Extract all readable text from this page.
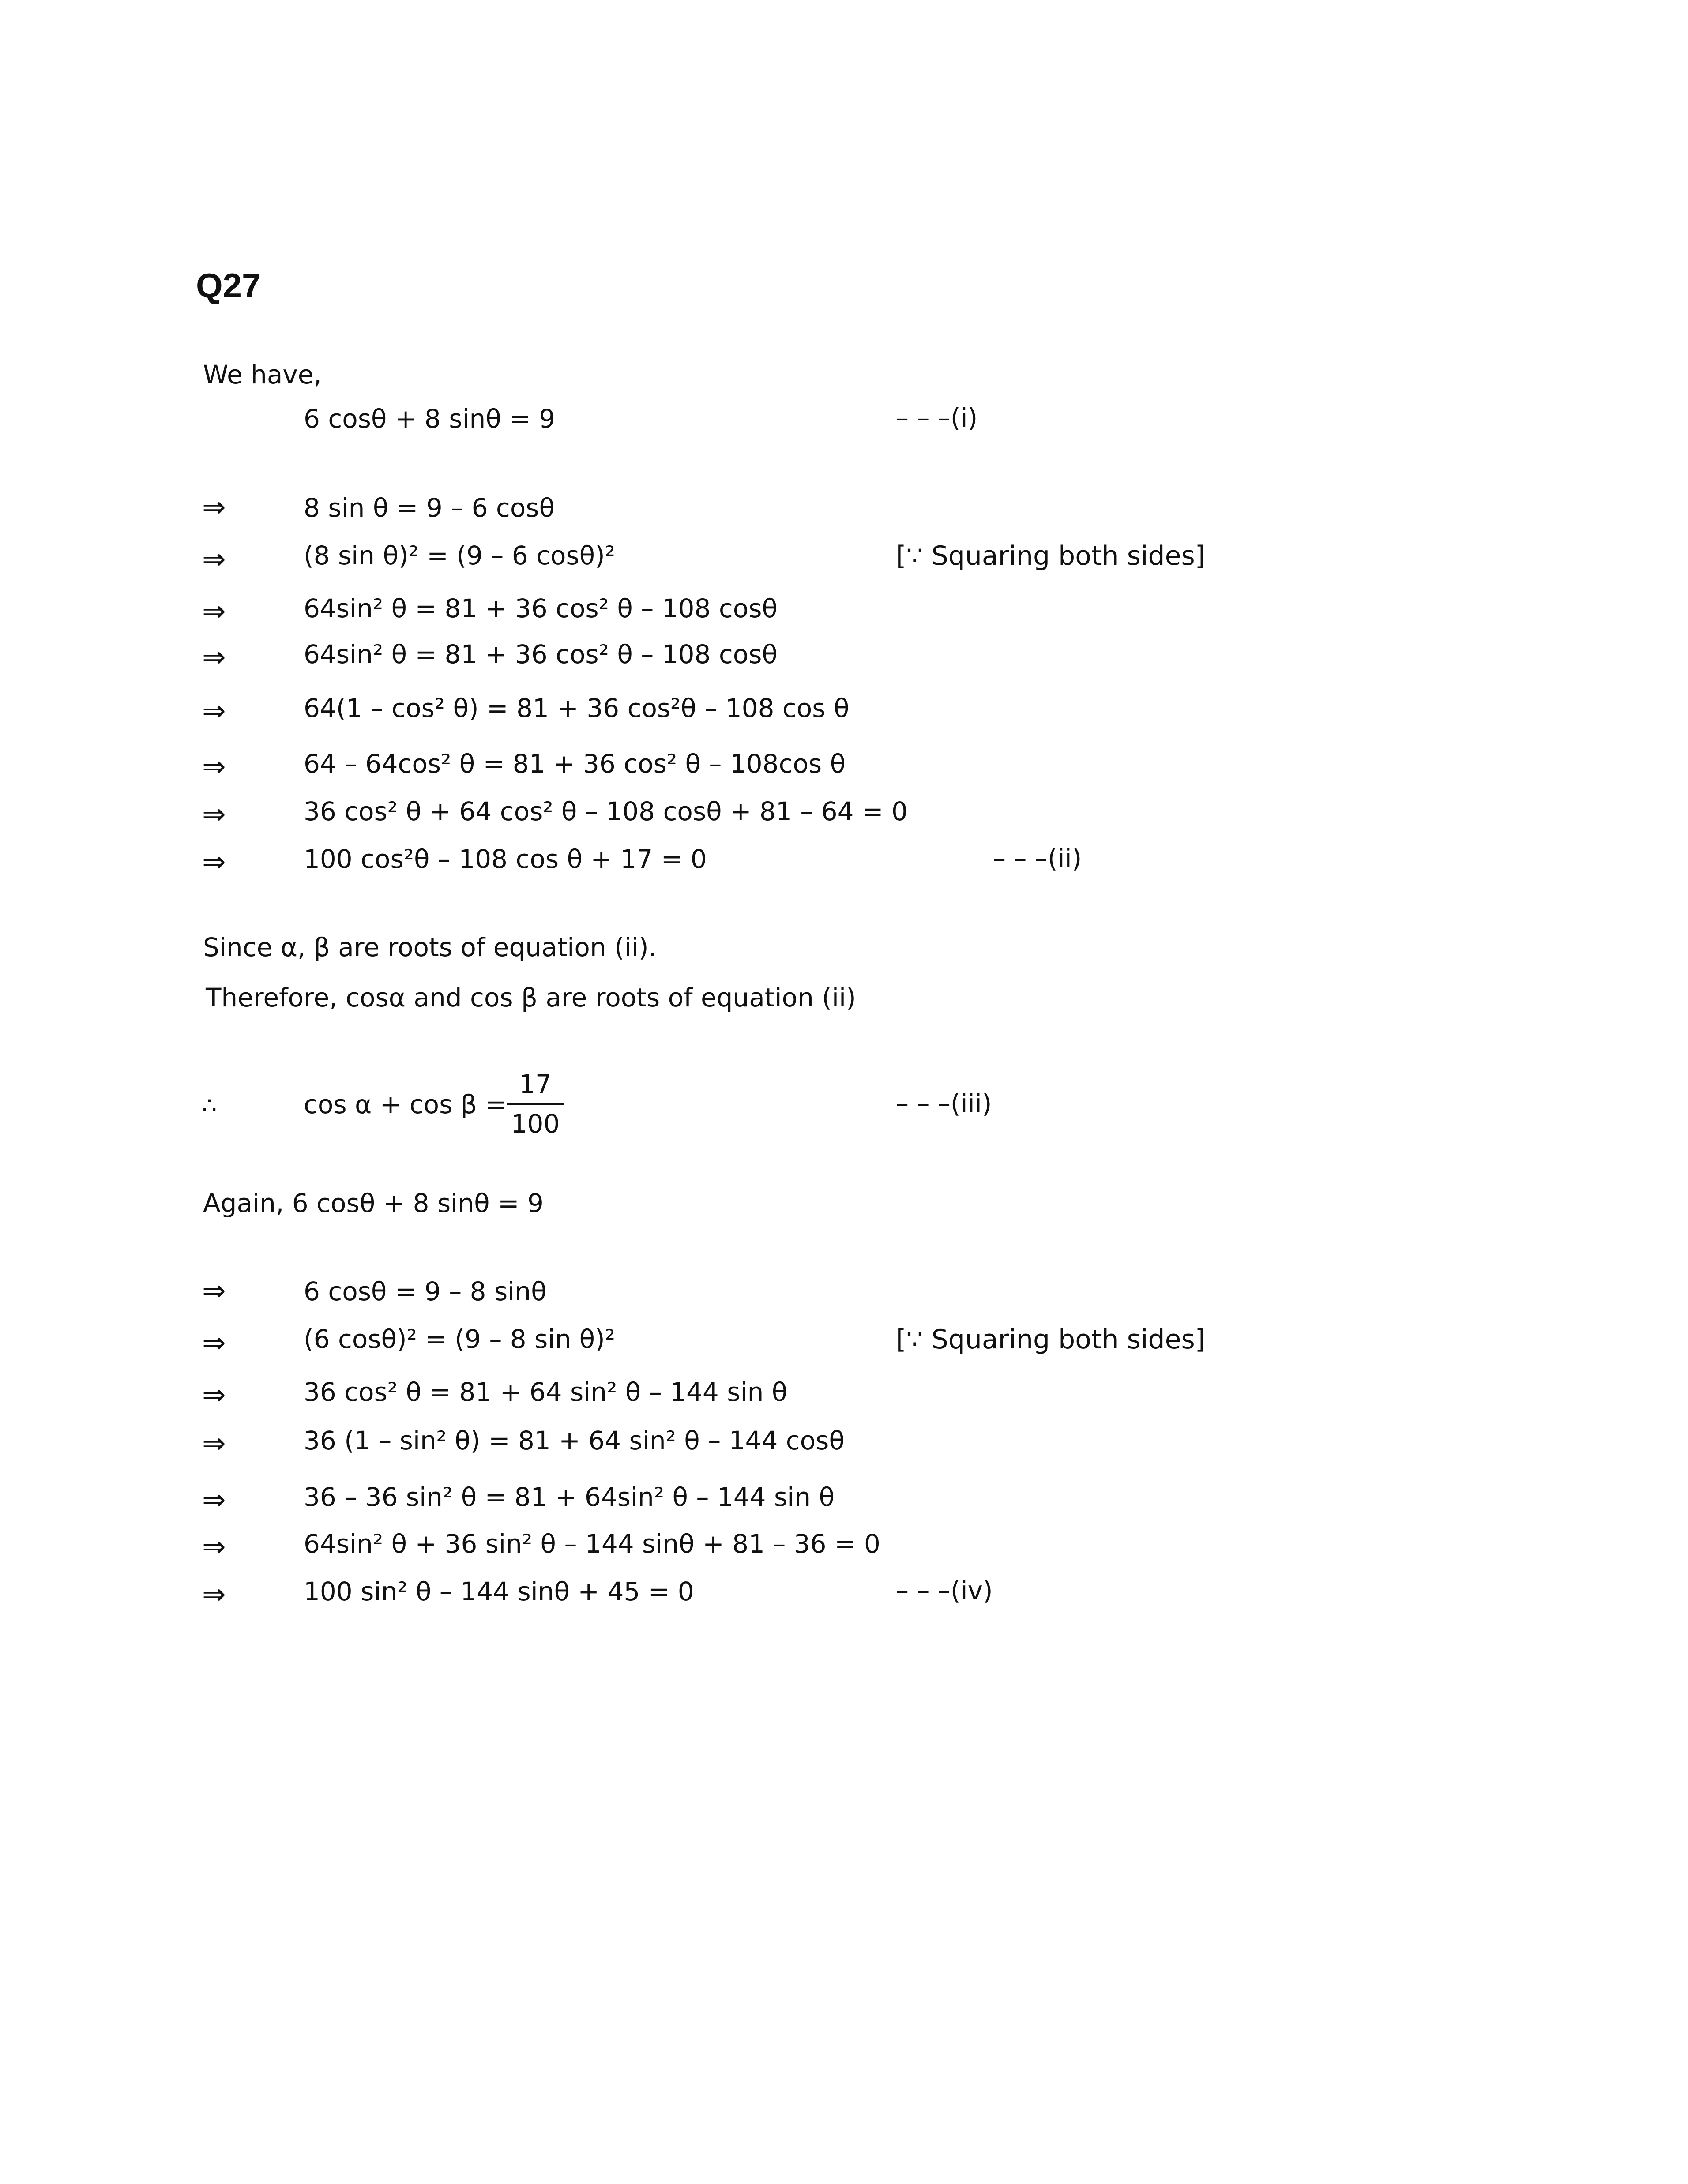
Q27
We have,
6 cosθ + 8 sinθ = 9	– – –(i)
⇒	8 sin θ = 9 – 6 cosθ
⇒	(8 sin θ)² = (9 – 6 cosθ)²	[∵ Squaring both sides]
⇒	64sin² θ = 81 + 36 cos² θ – 108 cosθ
⇒	64sin² θ = 81 + 36 cos² θ – 108 cosθ
⇒	64(1 – cos² θ) = 81 + 36 cos²θ – 108 cos θ
⇒	64 – 64cos² θ = 81 + 36 cos² θ – 108cos θ
⇒	36 cos² θ + 64 cos² θ – 108 cosθ + 81 – 64 = 0
⇒	100 cos²θ – 108 cos θ + 17 = 0	– – –(ii)
Since α, β are roots of equation (ii).
Therefore, cosα and cos β are roots of equation (ii)
∴	cos α + cos β =
17
100
– – –(iii)
Again, 6 cosθ + 8 sinθ = 9
⇒	6 cosθ = 9 – 8 sinθ
⇒	(6 cosθ)² = (9 – 8 sin θ)²	[∵ Squaring both sides]
⇒	36 cos² θ = 81 + 64 sin² θ – 144 sin θ
⇒	36 (1 – sin² θ) = 81 + 64 sin² θ – 144 cosθ
⇒	36 – 36 sin² θ = 81 + 64sin² θ – 144 sin θ
⇒	64sin² θ + 36 sin² θ – 144 sinθ + 81 – 36 = 0
⇒	100 sin² θ – 144 sinθ + 45 = 0	– – –(iv)
